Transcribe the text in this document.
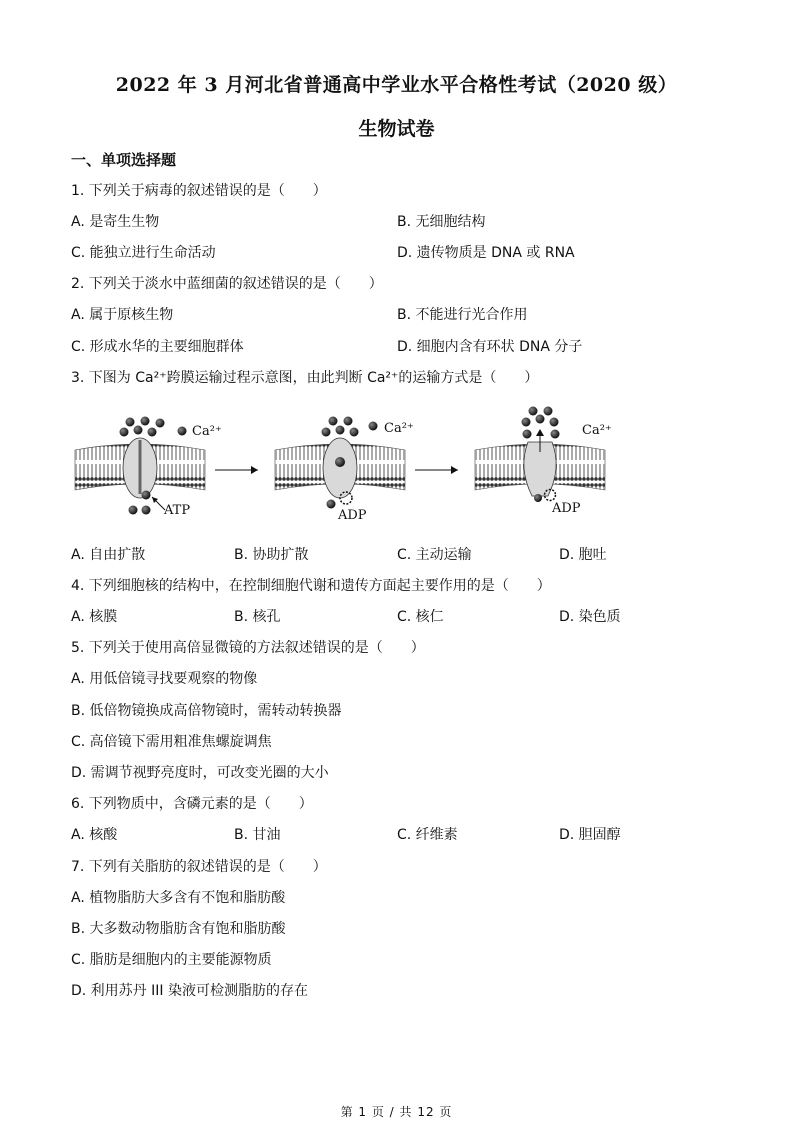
2022 年 3 月河北省普通高中学业水平合格性考试（2020 级）
生物试卷
一、单项选择题
1. 下列关于病毒的叙述错误的是（　　）
A. 是寄生生物	B. 无细胞结构
C. 能独立进行生命活动	D. 遗传物质是 DNA 或 RNA
2. 下列关于淡水中蓝细菌的叙述错误的是（　　）
A. 属于原核生物	B. 不能进行光合作用
C. 形成水华的主要细胞群体	D. 细胞内含有环状 DNA 分子
3. 下图为 Ca²⁺跨膜运输过程示意图，由此判断 Ca²⁺的运输方式是（　　）
Ca²⁺
ATP
Ca²⁺
ADP
Ca²⁺
ADP
A. 自由扩散	B. 协助扩散	C. 主动运输	D. 胞吐
4. 下列细胞核的结构中，在控制细胞代谢和遗传方面起主要作用的是（　　）
A. 核膜	B. 核孔	C. 核仁	D. 染色质
5. 下列关于使用高倍显微镜的方法叙述错误的是（　　）
A. 用低倍镜寻找要观察的物像
B. 低倍物镜换成高倍物镜时，需转动转换器
C. 高倍镜下需用粗准焦螺旋调焦
D. 需调节视野亮度时，可改变光圈的大小
6. 下列物质中，含磷元素的是（　　）
A. 核酸	B. 甘油	C. 纤维素	D. 胆固醇
7. 下列有关脂肪的叙述错误的是（　　）
A. 植物脂肪大多含有不饱和脂肪酸
B. 大多数动物脂肪含有饱和脂肪酸
C. 脂肪是细胞内的主要能源物质
D. 利用苏丹 III 染液可检测脂肪的存在
第 1 页 / 共 12 页
